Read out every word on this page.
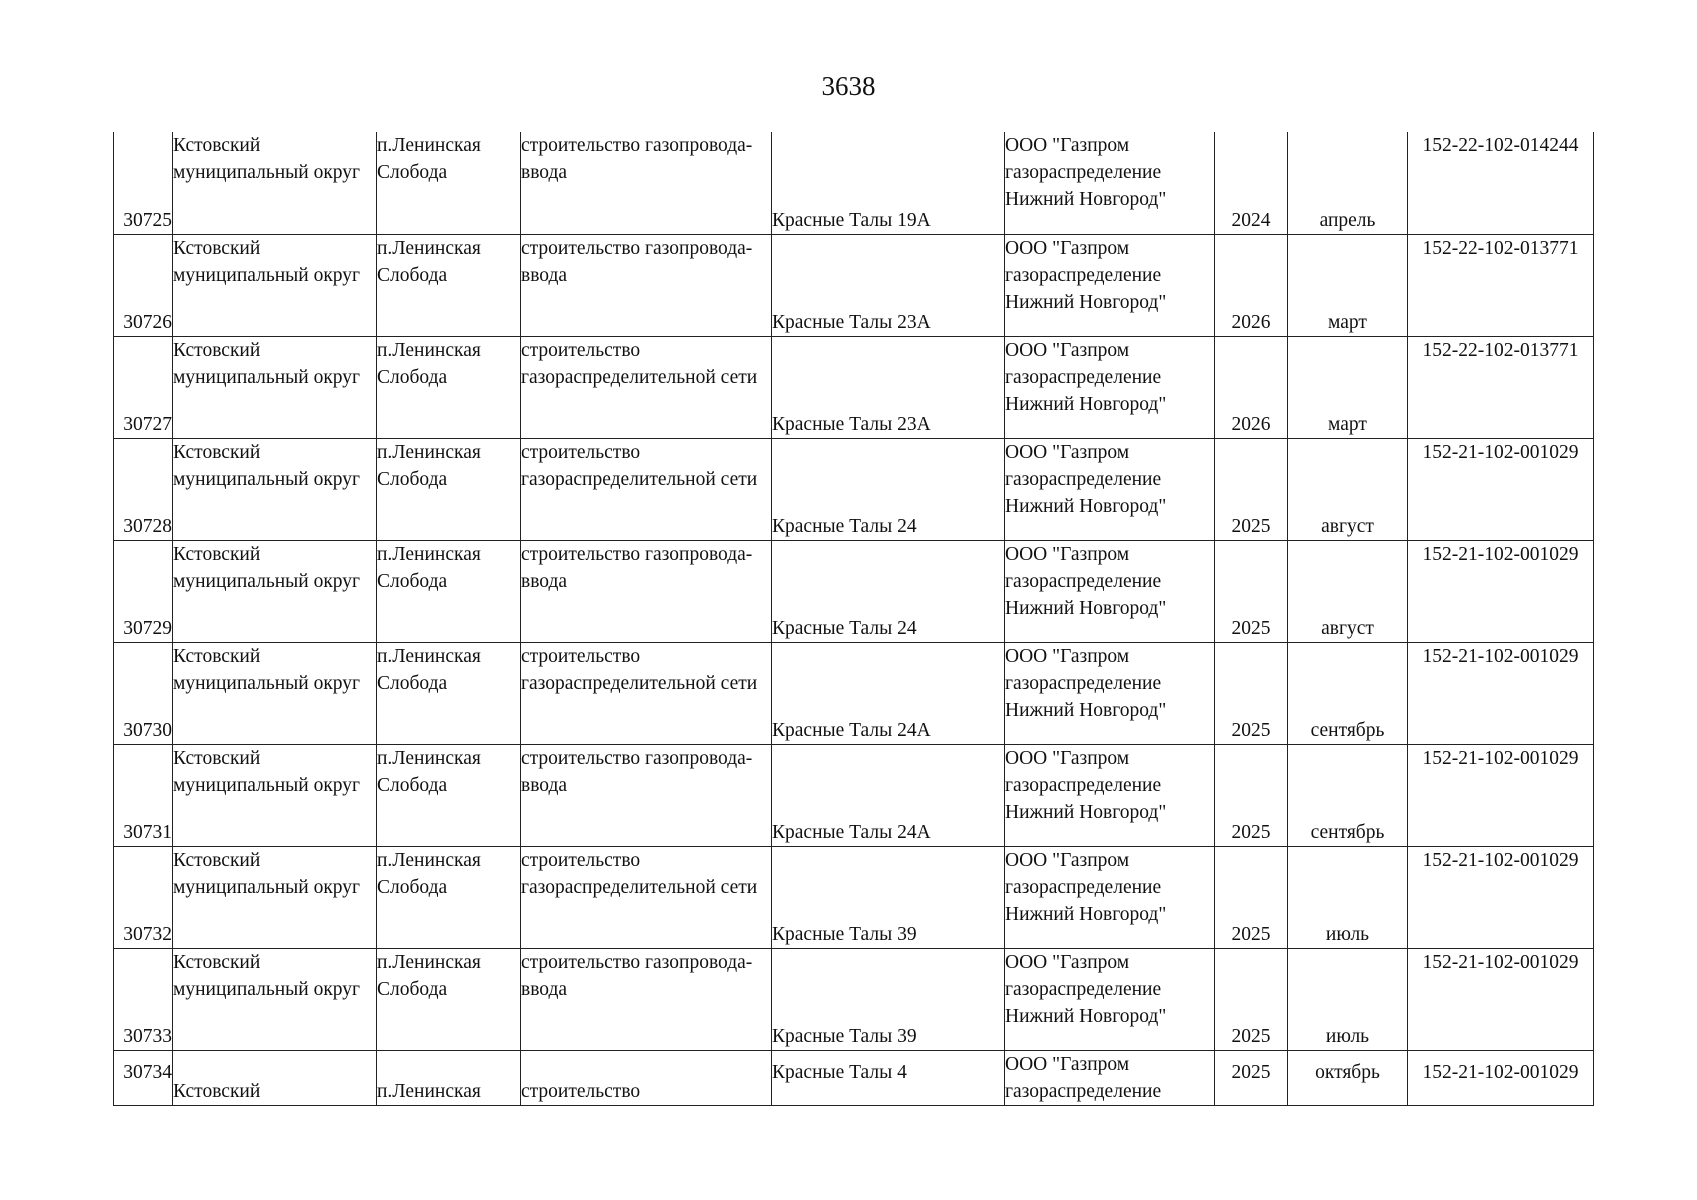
3638
30725	Кстовский
муниципальный округ	п.Ленинская
Слобода	строительство газопровода-
ввода	Красные Талы 19А	ООО "Газпром
газораспределение
Нижний Новгород"	2024	апрель	152-22-102-014244
30726	Кстовский
муниципальный округ	п.Ленинская
Слобода	строительство газопровода-
ввода	Красные Талы 23А	ООО "Газпром
газораспределение
Нижний Новгород"	2026	март	152-22-102-013771
30727	Кстовский
муниципальный округ	п.Ленинская
Слобода	строительство
газораспределительной сети	Красные Талы 23А	ООО "Газпром
газораспределение
Нижний Новгород"	2026	март	152-22-102-013771
30728	Кстовский
муниципальный округ	п.Ленинская
Слобода	строительство
газораспределительной сети	Красные Талы 24	ООО "Газпром
газораспределение
Нижний Новгород"	2025	август	152-21-102-001029
30729	Кстовский
муниципальный округ	п.Ленинская
Слобода	строительство газопровода-
ввода	Красные Талы 24	ООО "Газпром
газораспределение
Нижний Новгород"	2025	август	152-21-102-001029
30730	Кстовский
муниципальный округ	п.Ленинская
Слобода	строительство
газораспределительной сети	Красные Талы 24А	ООО "Газпром
газораспределение
Нижний Новгород"	2025	сентябрь	152-21-102-001029
30731	Кстовский
муниципальный округ	п.Ленинская
Слобода	строительство газопровода-
ввода	Красные Талы 24А	ООО "Газпром
газораспределение
Нижний Новгород"	2025	сентябрь	152-21-102-001029
30732	Кстовский
муниципальный округ	п.Ленинская
Слобода	строительство
газораспределительной сети	Красные Талы 39	ООО "Газпром
газораспределение
Нижний Новгород"	2025	июль	152-21-102-001029
30733	Кстовский
муниципальный округ	п.Ленинская
Слобода	строительство газопровода-
ввода	Красные Талы 39	ООО "Газпром
газораспределение
Нижний Новгород"	2025	июль	152-21-102-001029
30734	Кстовский	п.Ленинская	строительство	Красные Талы 4	ООО "Газпром
газораспределение	2025	октябрь	152-21-102-001029
